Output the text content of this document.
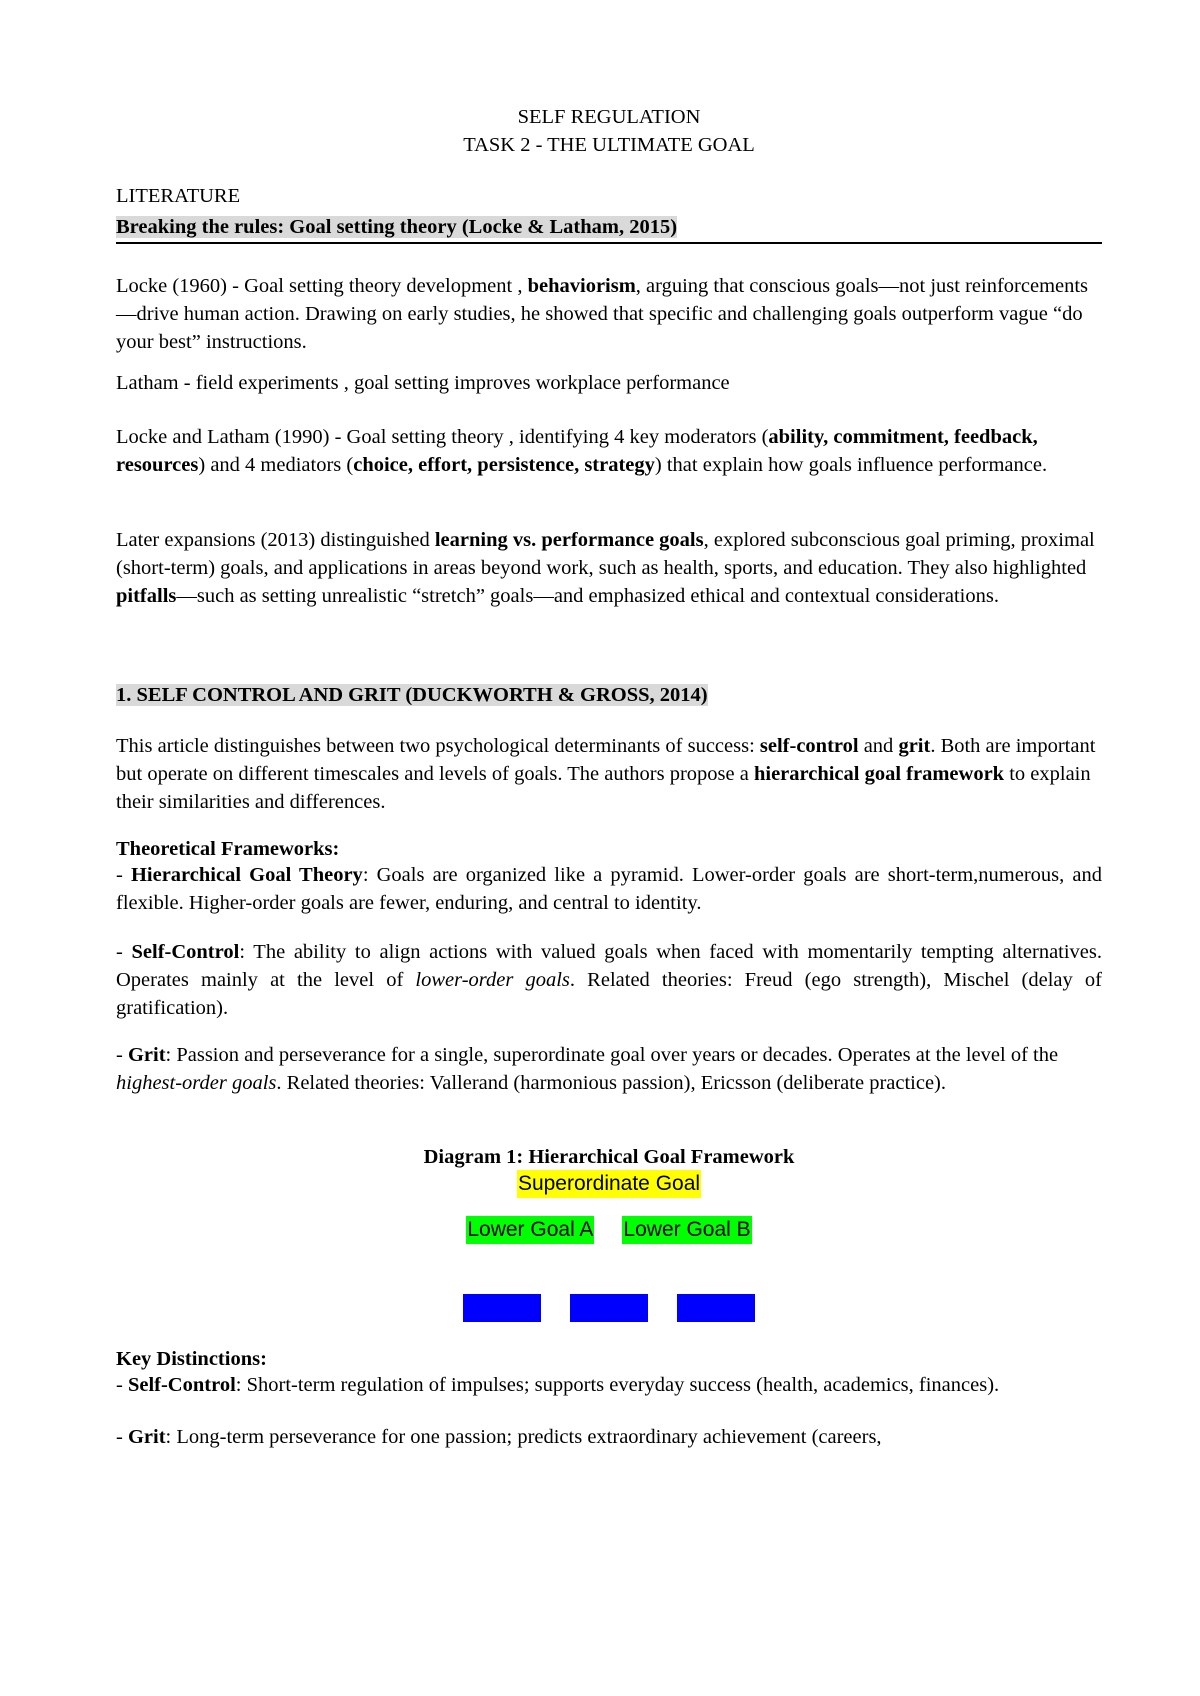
SELF REGULATION

TASK 2 - THE ULTIMATE GOAL

LITERATURE

Breaking the rules: Goal setting theory (Locke & Latham, 2015)

Locke (1960) - Goal setting theory development , behaviorism, arguing that conscious goals—not just reinforcements—drive human action. Drawing on early studies, he showed that specific and challenging goals outperform vague “do your best” instructions.

Latham - field experiments , goal setting improves workplace performance

Locke and Latham (1990) - Goal setting theory , identifying 4 key moderators (ability, commitment, feedback, resources) and 4 mediators (choice, effort, persistence, strategy) that explain how goals influence performance.

Later expansions (2013) distinguished learning vs. performance goals, explored subconscious goal priming, proximal (short-term) goals, and applications in areas beyond work, such as health, sports, and education. They also highlighted pitfalls—such as setting unrealistic “stretch” goals—and emphasized ethical and contextual considerations.

1. SELF CONTROL AND GRIT (DUCKWORTH & GROSS, 2014)

This article distinguishes between two psychological determinants of success: self-control and grit. Both are important but operate on different timescales and levels of goals. The authors propose a hierarchical goal framework to explain their similarities and differences.

Theoretical Frameworks:

- Hierarchical Goal Theory: Goals are organized like a pyramid. Lower-order goals are short-term,numerous, and flexible. Higher-order goals are fewer, enduring, and central to identity.

- Self-Control: The ability to align actions with valued goals when faced with momentarily tempting alternatives. Operates mainly at the level of lower-order goals. Related theories: Freud (ego strength), Mischel (delay of gratification).

- Grit: Passion and perseverance for a single, superordinate goal over years or decades. Operates at the level of the highest-order goals. Related theories: Vallerand (harmonious passion), Ericsson (deliberate practice).

Diagram 1: Hierarchical Goal Framework

Superordinate Goal
Lower Goal A Lower Goal B
Action 1 Action 2 Action 3

Key Distinctions:

- Self-Control: Short-term regulation of impulses; supports everyday success (health, academics, finances).

- Grit: Long-term perseverance for one passion; predicts extraordinary achievement (careers,
